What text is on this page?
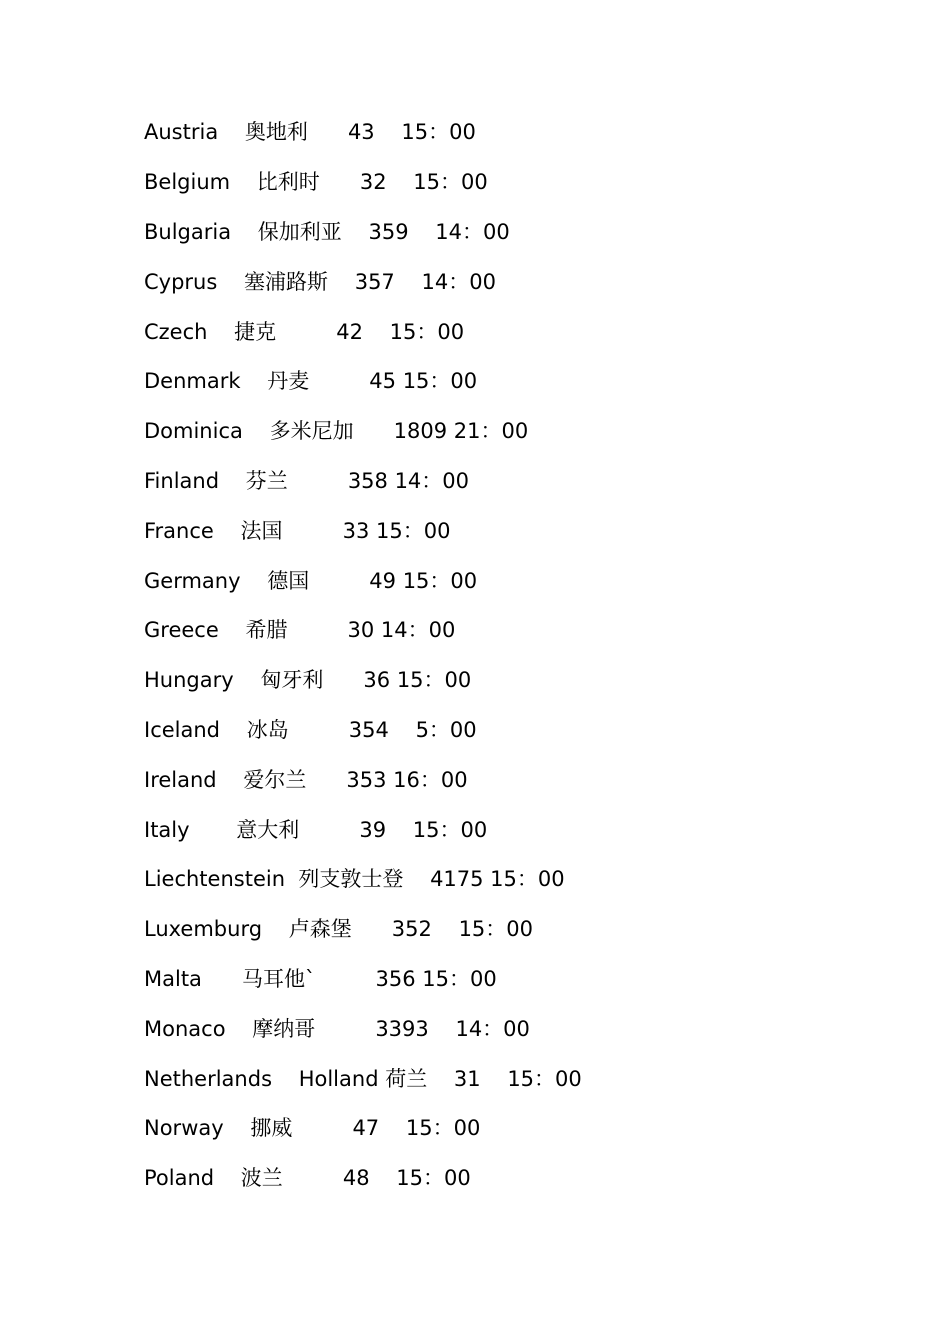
Austria    奥地利      43    15：00
Belgium    比利时      32    15：00
Bulgaria    保加利亚    359    14：00
Cyprus    塞浦路斯    357    14：00
Czech    捷克         42    15：00
Denmark    丹麦         45 15：00
Dominica    多米尼加      1809 21：00
Finland    芬兰         358 14：00
France    法国         33 15：00
Germany    德国         49 15：00
Greece    希腊         30 14：00
Hungary    匈牙利      36 15：00
Iceland    冰岛         354    5：00
Ireland    爱尔兰      353 16：00
Italy       意大利         39    15：00
Liechtenstein  列支敦士登    4175 15：00
Luxemburg    卢森堡      352    15：00
Malta      马耳他`         356 15：00
Monaco    摩纳哥         3393    14：00
Netherlands    Holland 荷兰    31    15：00
Norway    挪威         47    15：00
Poland    波兰         48    15：00
